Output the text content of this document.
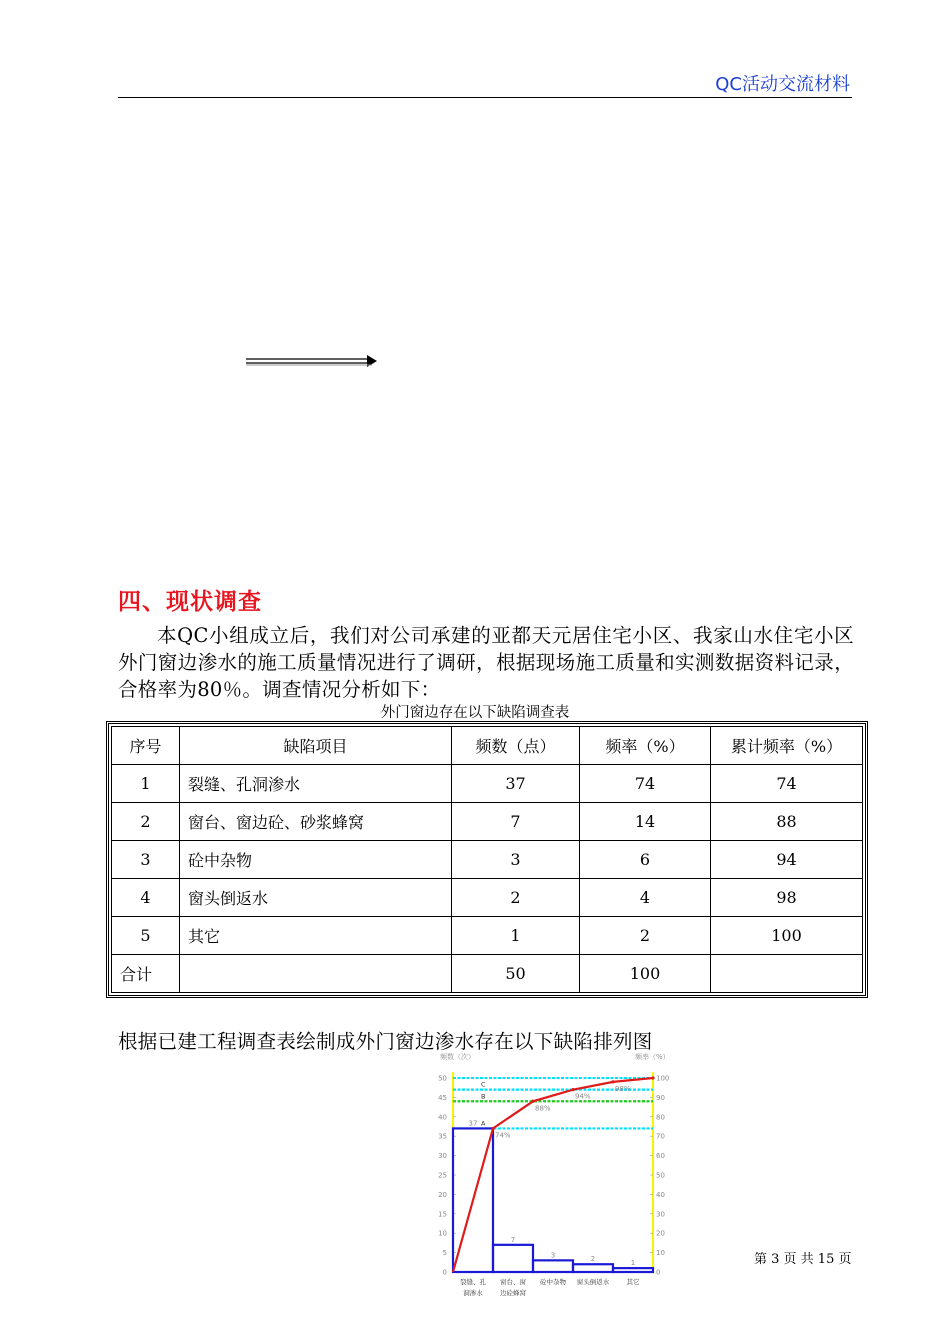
QC活动交流材料
四、现状调查
本QC小组成立后，我们对公司承建的亚都天元居住宅小区、我家山水住宅小区外门窗边渗水的施工质量情况进行了调研，根据现场施工质量和实测数据资料记录，合格率为80％。调查情况分析如下：
外门窗边存在以下缺陷调查表
序号	缺陷项目	频数（点）	频率（%）	累计频率（%）
1	裂缝、孔洞渗水	37	74	74
2	窗台、窗边砼、砂浆蜂窝	7	14	88
3	砼中杂物	3	6	94
4	窗头倒返水	2	4	98
5	其它	1	2	100
合计		50	100	
根据已建工程调查表绘制成外门窗边渗水存在以下缺陷排列图
频数（次）	频率（%）
0
5
10
15
20
25
30
35
40
45
50
0
10
20
30
40
50
60
70
80
90
100
A
B
C
37
裂缝、孔
洞渗水
7
窗台、窗
边砼蜂窝
3
砼中杂物
2
窗头倒返水
1
其它
74%
88%
94%
98%
第 3 页 共 15 页
